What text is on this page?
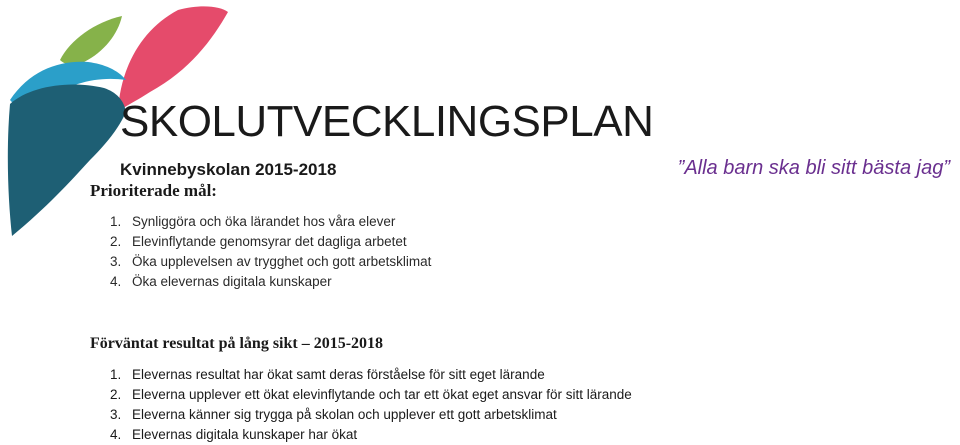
SKOLUTVECKLINGSPLAN
Kvinnebyskolan 2015-2018	”Alla barn ska bli sitt bästa jag”
Prioriterade mål:
1. Synliggöra och öka lärandet hos våra elever
2. Elevinflytande genomsyrar det dagliga arbetet
3. Öka upplevelsen av trygghet och gott arbetsklimat
4. Öka elevernas digitala kunskaper
Förväntat resultat på lång sikt – 2015-2018
1. Elevernas resultat har ökat samt deras förståelse för sitt eget lärande
2. Eleverna upplever ett ökat elevinflytande och tar ett ökat eget ansvar för sitt lärande
3. Eleverna känner sig trygga på skolan och upplever ett gott arbetsklimat
4. Elevernas digitala kunskaper har ökat
